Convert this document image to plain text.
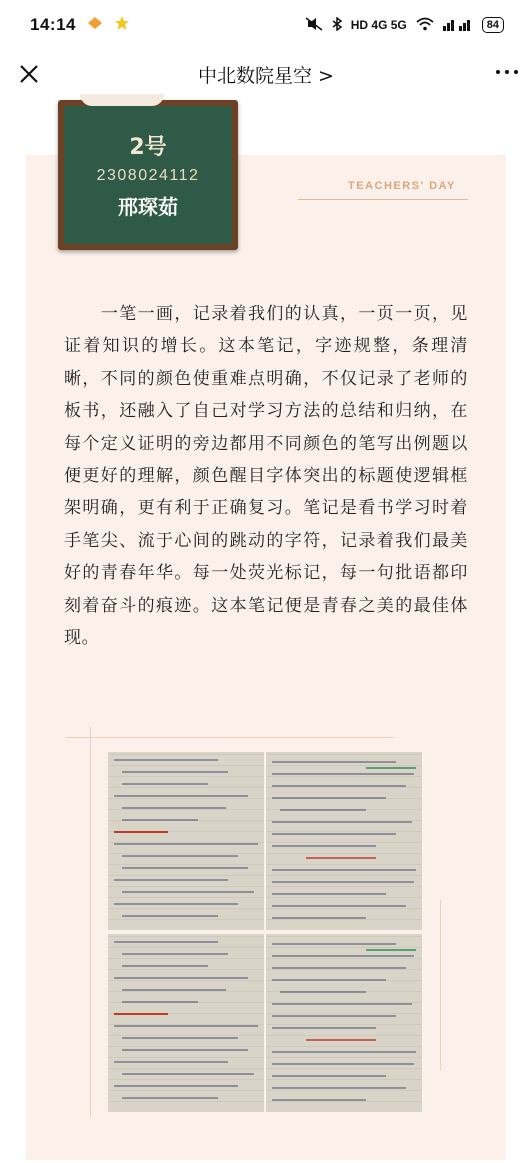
14:14	HD 4G 5G	84
中北数院星空 >
2号
2308024112
邢琛茹
TEACHERS' DAY
　　一笔一画，记录着我们的认真，一页一页，见证着知识的增长。这本笔记，字迹规整，条理清晰，不同的颜色使重难点明确，不仅记录了老师的板书，还融入了自己对学习方法的总结和归纳，在每个定义证明的旁边都用不同颜色的笔写出例题以便更好的理解，颜色醒目字体突出的标题使逻辑框架明确，更有利于正确复习。笔记是看书学习时着手笔尖、流于心间的跳动的字符，记录着我们最美好的青春年华。每一处荧光标记，每一句批语都印刻着奋斗的痕迹。这本笔记便是青春之美的最佳体现。
